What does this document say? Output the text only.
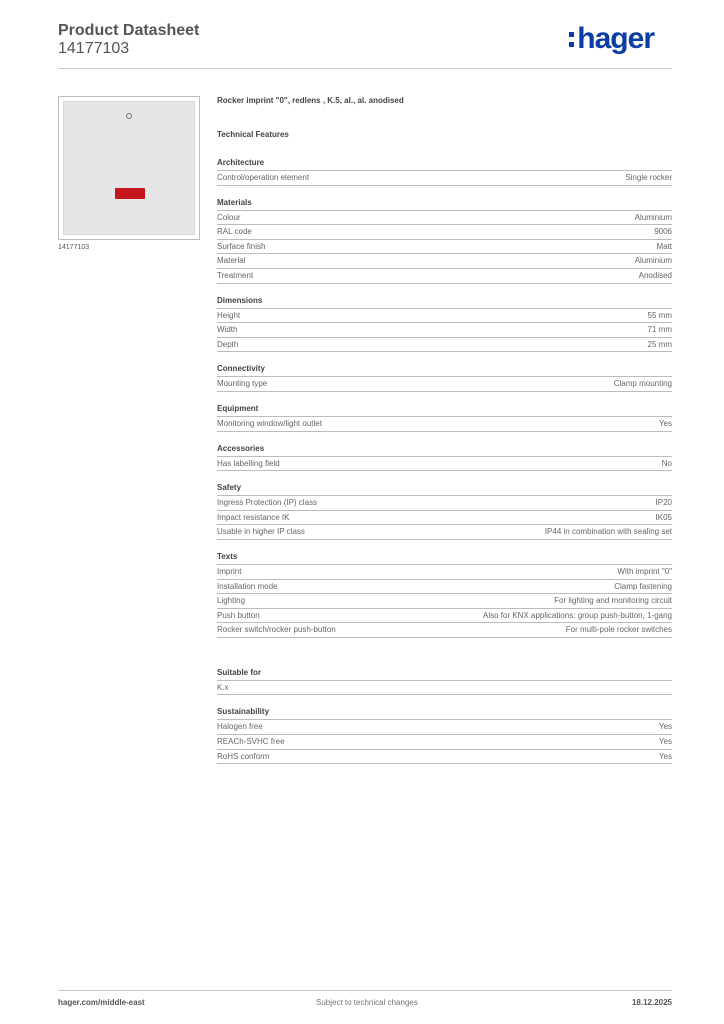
Product Datasheet
14177103	hager
14177103
Rocker imprint "0", redlens , K.5, al., al. anodised
Technical Features
Architecture
Control/operation element	Single rocker
Materials
Colour	Aluminium
RAL code	9006
Surface finish	Matt
Material	Aluminium
Treatment	Anodised
Dimensions
Height	55 mm
Width	71 mm
Depth	25 mm
Connectivity
Mounting type	Clamp mounting
Equipment
Monitoring window/light outlet	Yes
Accessories
Has labelling field	No
Safety
Ingress Protection (IP) class	IP20
Impact resistance IK	IK05
Usable in higher IP class	IP44 in combination with sealing set
Texts
Imprint	With imprint "0"
Installation mode	Clamp fastening
Lighting	For lighting and monitoring circuit
Push button	Also for KNX applications: group push-button, 1-gang
Rocker switch/rocker push-button	For multi-pole rocker switches
Suitable for
K.x
Sustainability
Halogen free	Yes
REACh-SVHC free	Yes
RoHS conform	Yes
hager.com/middle-east	Subject to technical changes	18.12.2025
